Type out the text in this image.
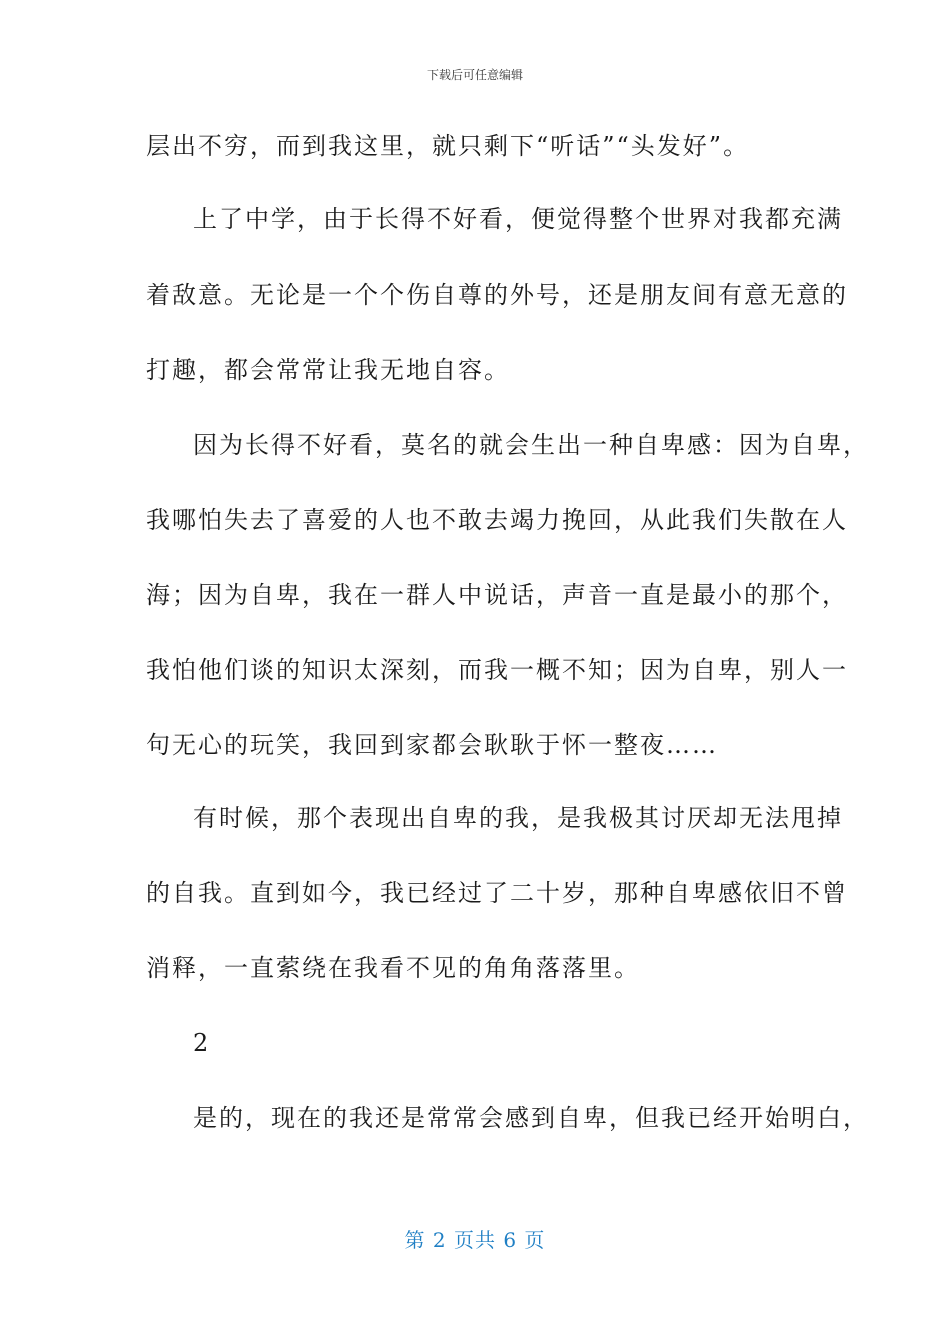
下载后可任意编辑
层出不穷，而到我这里，就只剩下“听话”“头发好”。
上了中学，由于长得不好看，便觉得整个世界对我都充满
着敌意。无论是一个个伤自尊的外号，还是朋友间有意无意的
打趣，都会常常让我无地自容。
因为长得不好看，莫名的就会生出一种自卑感：因为自卑，
我哪怕失去了喜爱的人也不敢去竭力挽回，从此我们失散在人
海；因为自卑，我在一群人中说话，声音一直是最小的那个，
我怕他们谈的知识太深刻，而我一概不知；因为自卑，别人一
句无心的玩笑，我回到家都会耿耿于怀一整夜……
有时候，那个表现出自卑的我，是我极其讨厌却无法甩掉
的自我。直到如今，我已经过了二十岁，那种自卑感依旧不曾
消释，一直萦绕在我看不见的角角落落里。
2
是的，现在的我还是常常会感到自卑，但我已经开始明白，
第 2 页共 6 页
